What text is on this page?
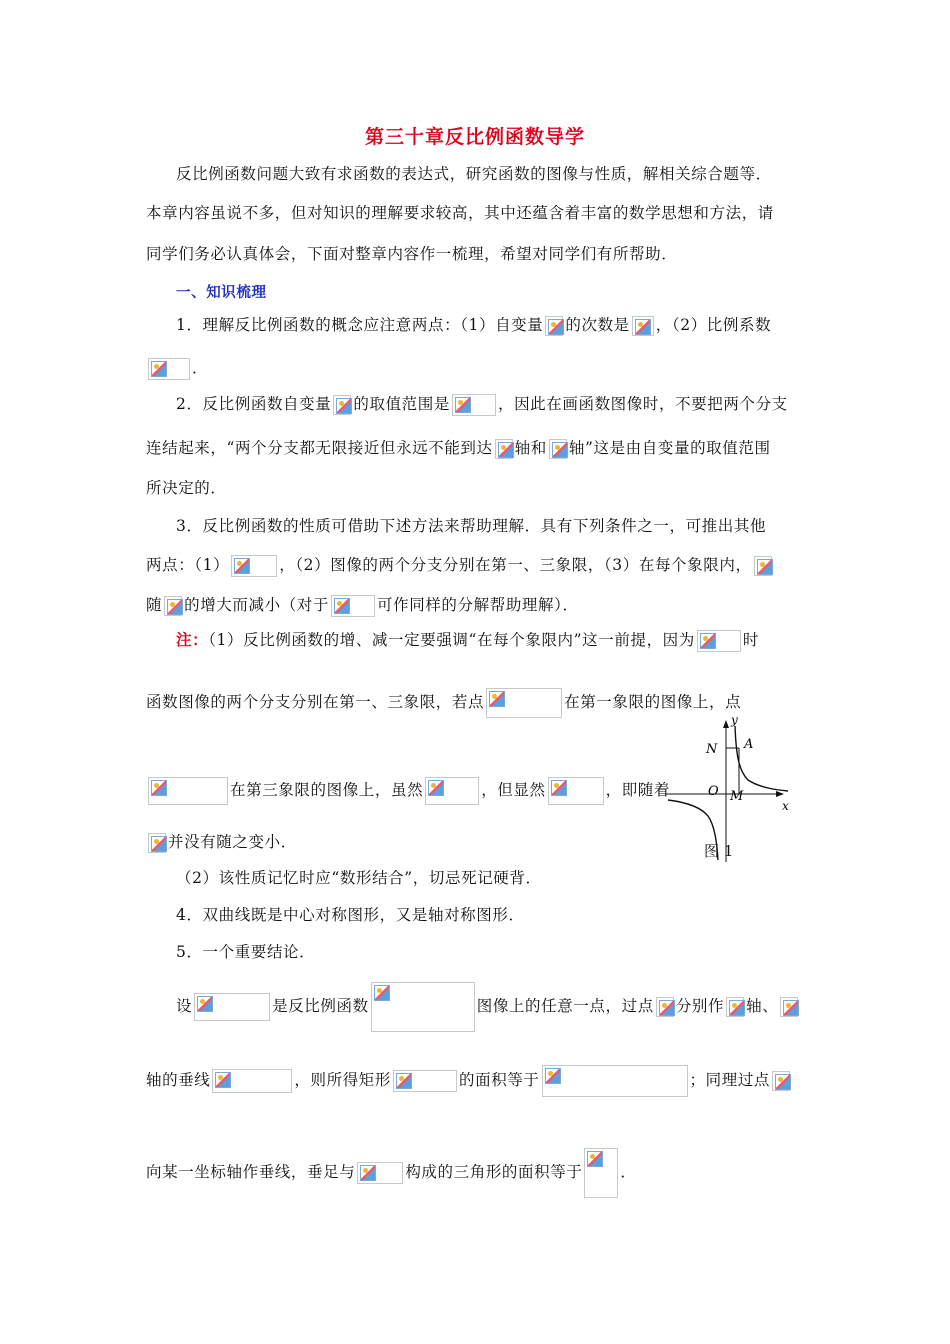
第三十章反比例函数导学
反比例函数问题大致有求函数的表达式，研究函数的图像与性质，解相关综合题等．
本章内容虽说不多，但对知识的理解要求较高，其中还蕴含着丰富的数学思想和方法，请
同学们务必认真体会，下面对整章内容作一梳理，希望对同学们有所帮助．
一、知识梳理
1．理解反比例函数的概念应注意两点：（1）自变量 的次数是 ，（2）比例系数
．
2．反比例函数自变量 的取值范围是	，因此在画函数图像时，不要把两个分支
连结起来，“两个分支都无限接近但永远不能到达 轴和 轴”这是由自变量的取值范围
所决定的．
3．反比例函数的性质可借助下述方法来帮助理解．具有下列条件之一，可推出其他
两点：（1）	，（2）图像的两个分支分别在第一、三象限，（3）在每个象限内，
随 的增大而减小（对于	可作同样的分解帮助理解）．
注：（1）反比例函数的增、减一定要强调“在每个象限内”这一前提，因为	时
函数图像的两个分支分别在第一、三象限，若点	在第一象限的图像上，点
在第三象限的图像上，虽然	，但显然	，即随着
并没有随之变小．
y
x
N A
O M
图 1
（2）该性质记忆时应“数形结合”，切忌死记硬背．
4．双曲线既是中心对称图形，又是轴对称图形．
5．一个重要结论．
设	是反比例函数	图像上的任意一点，过点 分别作 轴、
轴的垂线	，则所得矩形	的面积等于	；同理过点
向某一坐标轴作垂线，垂足与	构成的三角形的面积等于 ．
